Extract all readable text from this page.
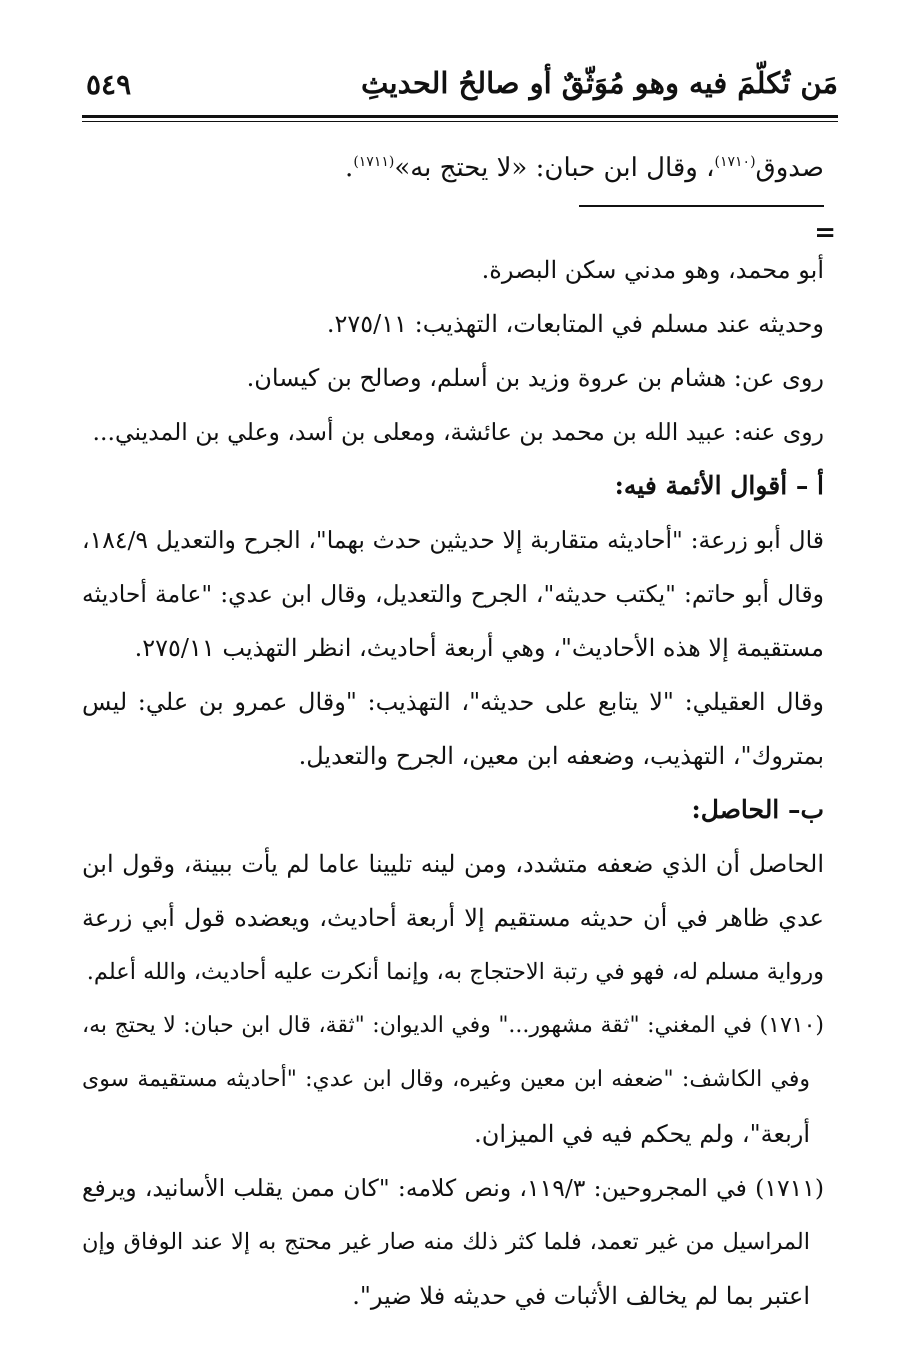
مَن تُكلّمَ فيه وهو مُوَثّقٌ أو صالحُ الحديثِ
٥٤٩
صدوق$^{(١٧١٠)}$، وقال ابن حبان: «لا يحتج به»$^{(١٧١١)}$.
=
أبو محمد، وهو مدني سكن البصرة.
وحديثه عند مسلم في المتابعات، التهذيب: ٢٧٥/١١.
روى عن: هشام بن عروة وزيد بن أسلم، وصالح بن كيسان.
روى عنه: عبيد الله بن محمد بن عائشة، ومعلى بن أسد، وعلي بن المديني...
أ – أقوال الأئمة فيه:
قال أبو زرعة: "أحاديثه متقاربة إلا حديثين حدث بهما"، الجرح والتعديل ١٨٤/٩،
وقال أبو حاتم: "يكتب حديثه"، الجرح والتعديل، وقال ابن عدي: "عامة أحاديثه
مستقيمة إلا هذه الأحاديث"، وهي أربعة أحاديث، انظر التهذيب ٢٧٥/١١.
وقال العقيلي: "لا يتابع على حديثه"، التهذيب: "وقال عمرو بن علي: ليس
بمتروك"، التهذيب، وضعفه ابن معين، الجرح والتعديل.
ب– الحاصل:
الحاصل أن الذي ضعفه متشدد، ومن لينه تليينا عاما لم يأت ببينة، وقول ابن
عدي ظاهر في أن حديثه مستقيم إلا أربعة أحاديث، ويعضده قول أبي زرعة
ورواية مسلم له، فهو في رتبة الاحتجاج به، وإنما أنكرت عليه أحاديث، والله أعلم.
(١٧١٠) في المغني: "ثقة مشهور..." وفي الديوان: "ثقة، قال ابن حبان: لا يحتج به،
وفي الكاشف: "ضعفه ابن معين وغيره، وقال ابن عدي: "أحاديثه مستقيمة سوى
أربعة"، ولم يحكم فيه في الميزان.
(١٧١١) في المجروحين: ١١٩/٣، ونص كلامه: "كان ممن يقلب الأسانيد، ويرفع
المراسيل من غير تعمد، فلما كثر ذلك منه صار غير محتج به إلا عند الوفاق وإن
اعتبر بما لم يخالف الأثبات في حديثه فلا ضير".
